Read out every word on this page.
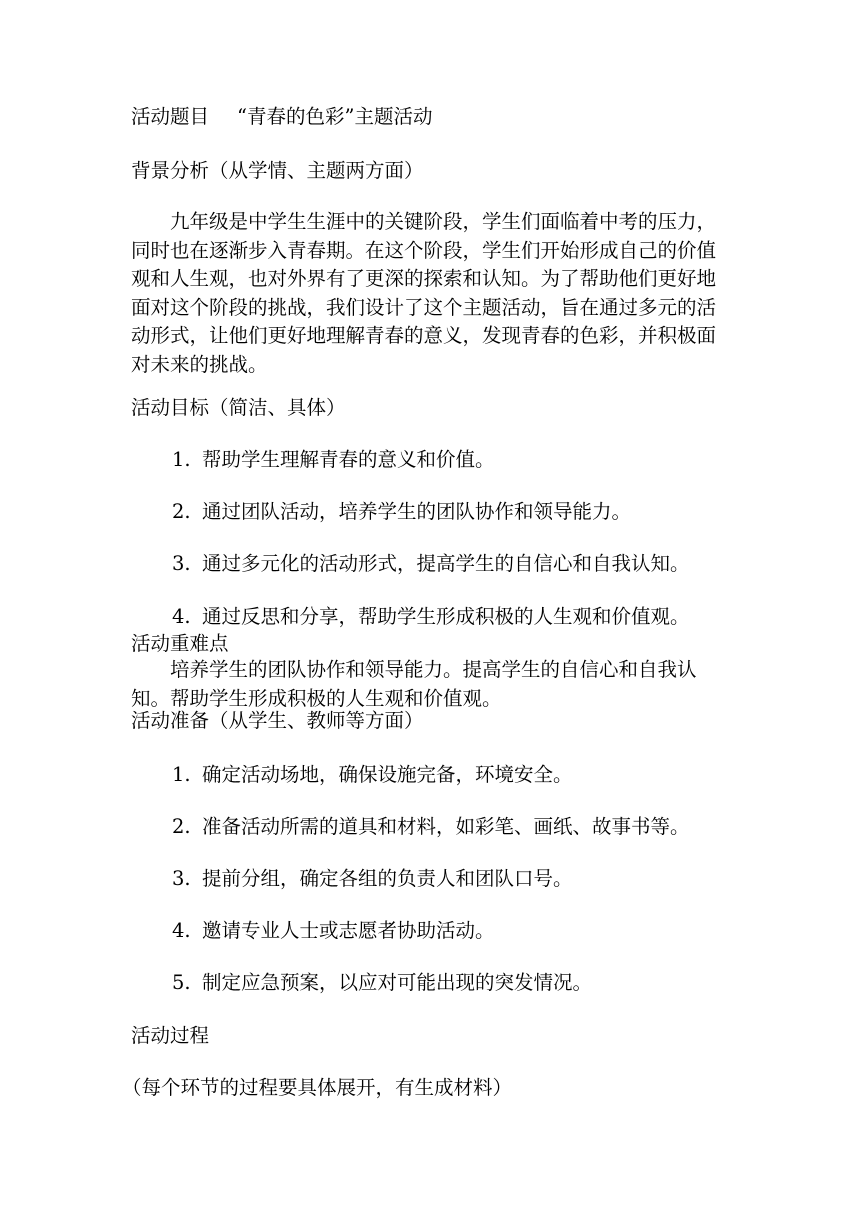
活动题目 “青春的色彩”主题活动
背景分析（从学情、主题两方面）

九年级是中学生生涯中的关键阶段，学生们面临着中考的压力，同时也在逐渐步入青春期。在这个阶段，学生们开始形成自己的价值观和人生观，也对外界有了更深的探索和认知。为了帮助他们更好地面对这个阶段的挑战，我们设计了这个主题活动，旨在通过多元的活动形式，让他们更好地理解青春的意义，发现青春的色彩，并积极面对未来的挑战。

活动目标（简洁、具体）
1. 帮助学生理解青春的意义和价值。
2. 通过团队活动，培养学生的团队协作和领导能力。
3. 通过多元化的活动形式，提高学生的自信心和自我认知。
4. 通过反思和分享，帮助学生形成积极的人生观和价值观。
活动重难点

培养学生的团队协作和领导能力。提高学生的自信心和自我认知。帮助学生形成积极的人生观和价值观。

活动准备（从学生、教师等方面）
1. 确定活动场地，确保设施完备，环境安全。
2. 准备活动所需的道具和材料，如彩笔、画纸、故事书等。
3. 提前分组，确定各组的负责人和团队口号。
4. 邀请专业人士或志愿者协助活动。
5. 制定应急预案，以应对可能出现的突发情况。
活动过程
（每个环节的过程要具体展开，有生成材料）
